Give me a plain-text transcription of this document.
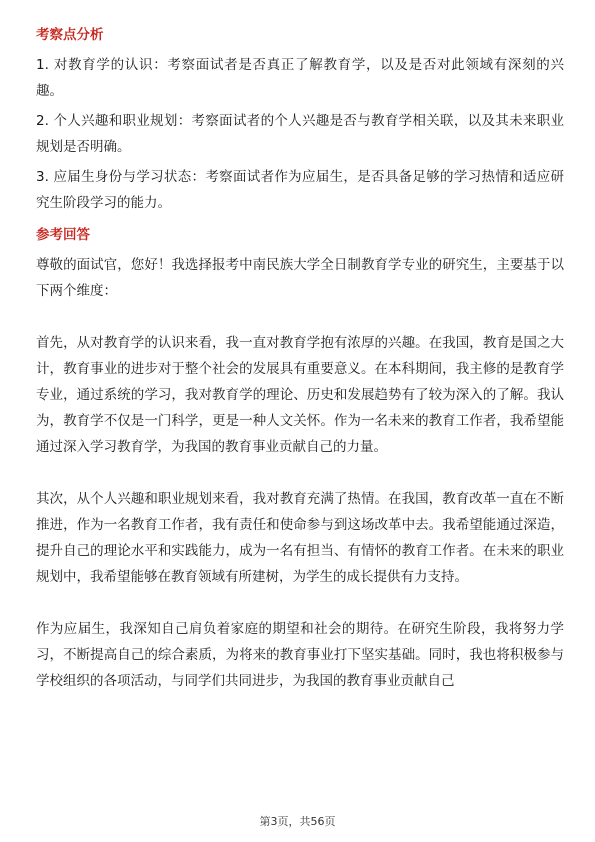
考察点分析

1. 对教育学的认识：考察面试者是否真正了解教育学，以及是否对此领域有深刻的兴趣。

2. 个人兴趣和职业规划：考察面试者的个人兴趣是否与教育学相关联，以及其未来职业规划是否明确。

3. 应届生身份与学习状态：考察面试者作为应届生，是否具备足够的学习热情和适应研究生阶段学习的能力。

参考回答

尊敬的面试官，您好！我选择报考中南民族大学全日制教育学专业的研究生，主要基于以下两个维度：

首先，从对教育学的认识来看，我一直对教育学抱有浓厚的兴趣。在我国，教育是国之大计，教育事业的进步对于整个社会的发展具有重要意义。在本科期间，我主修的是教育学专业，通过系统的学习，我对教育学的理论、历史和发展趋势有了较为深入的了解。我认为，教育学不仅是一门科学，更是一种人文关怀。作为一名未来的教育工作者，我希望能通过深入学习教育学，为我国的教育事业贡献自己的力量。

其次，从个人兴趣和职业规划来看，我对教育充满了热情。在我国，教育改革一直在不断推进，作为一名教育工作者，我有责任和使命参与到这场改革中去。我希望能通过深造，提升自己的理论水平和实践能力，成为一名有担当、有情怀的教育工作者。在未来的职业规划中，我希望能够在教育领域有所建树，为学生的成长提供有力支持。

作为应届生，我深知自己肩负着家庭的期望和社会的期待。在研究生阶段，我将努力学习，不断提高自己的综合素质，为将来的教育事业打下坚实基础。同时，我也将积极参与学校组织的各项活动，与同学们共同进步，为我国的教育事业贡献自己

第3页，共56页
